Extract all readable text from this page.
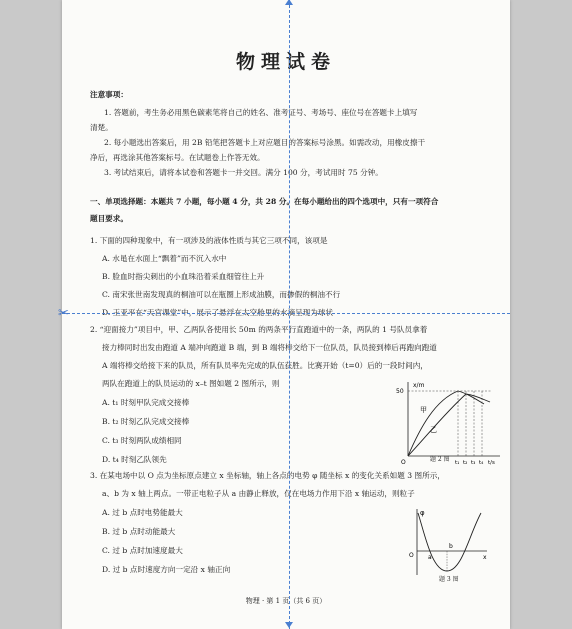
物理试卷
注意事项：
1. 答题前，考生务必用黑色碳素笔将自己的姓名、准考证号、考场号、座位号在答题卡上填写
清楚。
2. 每小题选出答案后，用 2B 铅笔把答题卡上对应题目的答案标号涂黑。如需改动，用橡皮擦干
净后，再选涂其他答案标号。在试题卷上作答无效。
3. 考试结束后，请将本试卷和答题卡一并交回。满分 100 分，考试用时 75 分钟。
一、单项选择题：本题共 7 小题，每小题 4 分，共 28 分。在每小题给出的四个选项中，只有一项符合
题目要求。
1. 下面的四种现象中，有一项涉及的液体性质与其它三项不同，该项是
A. 水黾在水面上“飘着”而不沉入水中
B. 脸血时指尖刺出的小血珠沿着采血细管往上升
C. 南宋张世南发现真的桐油可以在瓶圈上形成油膜，而掺假的桐油不行
D. 王亚平在“天宫课堂”中，展示了悬浮在太空舱里的水滴呈现为球状
2. “迎面接力”项目中，甲、乙两队各使用长 50m 的两条平行直跑道中的一条，两队的 1 号队员拿着
接力棒同时出发由跑道 A 端冲向跑道 B 端，到 B 端将棒交给下一位队员，队员接到棒后再跑向跑道
A 端将棒交给接下来的队员，所有队员率先完成的队伍获胜。比赛开始（t=0）后的一段时间内，
两队在跑道上的队员运动的 x–t 图如题 2 图所示，则
A. t₁ 时刻甲队完成交接棒
B. t₂ 时刻乙队完成交接棒
C. t₃ 时刻两队成绩相同
D. t₄ 时刻乙队领先
x/m
50
O
甲
乙
t₁ t₂ t₃ t₄ t/s
题 2 图
3. 在某电场中以 O 点为坐标原点建立 x 坐标轴，轴上各点的电势 φ 随坐标 x 的变化关系如题 3 图所示，
a、b 为 x 轴上两点。一带正电粒子从 a 由静止释放，仅在电场力作用下沿 x 轴运动，则粒子
A. 过 b 点时电势能最大
B. 过 b 点时动能最大
C. 过 b 点时加速度最大
D. 过 b 点时速度方向一定沿 x 轴正向
φ
O a
b
x
题 3 图
物理 · 第 1 页（共 6 页）
✂
